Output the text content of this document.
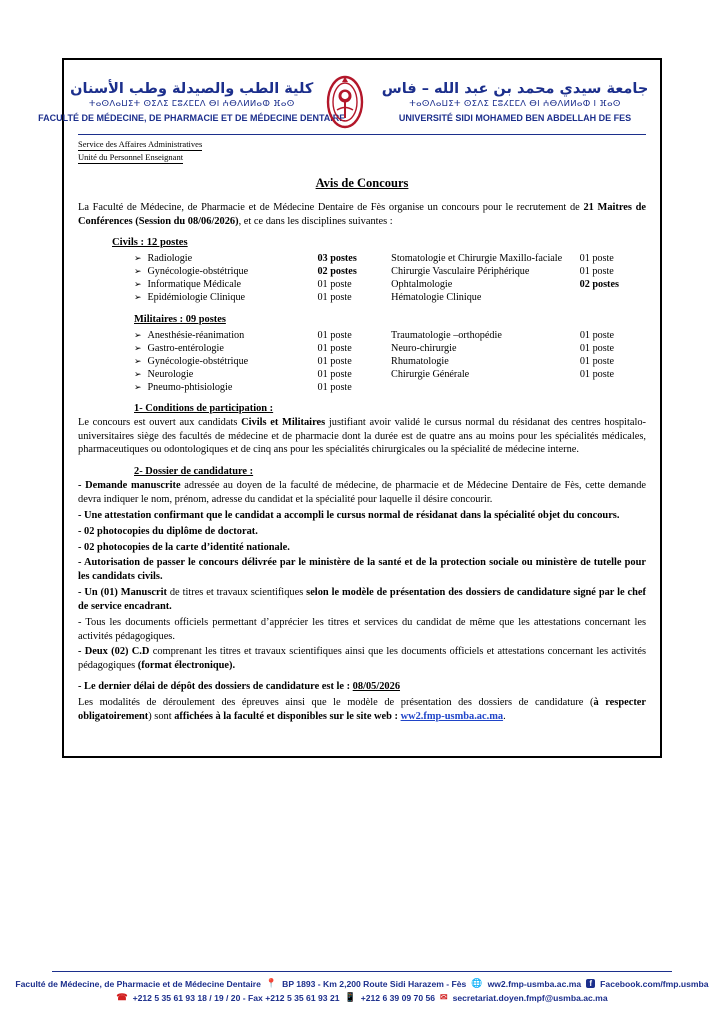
كلية الطب والصيدلة وطب الأسنان
ⵜⴰⵙⴷⴰⵡⵉⵜ ⵙⵉⴷⵉ ⵎⵓⵃⵎⵎⴷ ⴱⵏ ⵄⴱⴷⵍⵍⴰⵀ ⴼⴰⵙ
FACULTÉ DE MÉDECINE, DE PHARMACIE ET DE MÉDECINE DENTAIRE
جامعة سيدي محمد بن عبد الله – فاس
ⵜⴰⵙⴷⴰⵡⵉⵜ ⵙⵉⴷⵉ ⵎⵓⵃⵎⵎⴷ ⴱⵏ ⵄⴱⴷⵍⵍⴰⵀ ⵏ ⴼⴰⵙ
UNIVERSITÉ SIDI MOHAMED BEN ABDELLAH DE FES
Service des Affaires Administratives
Unité du Personnel Enseignant
Avis de Concours

La Faculté de Médecine, de Pharmacie et de Médecine Dentaire de Fès organise un concours pour le recrutement de 21 Maitres de Conférences (Session du 08/06/2026), et ce dans les disciplines suivantes :

Civils : 12 postes
➢	Radiologie	03 postes	Stomatologie et Chirurgie Maxillo-faciale	01 poste
➢	Gynécologie-obstétrique	02 postes	Chirurgie Vasculaire Périphérique	01 poste
➢	Informatique Médicale	01 poste	Ophtalmologie	02 postes
➢	Epidémiologie Clinique	01 poste	Hématologie Clinique	
Militaires : 09 postes
➢	Anesthésie-réanimation	01 poste	Traumatologie –orthopédie	01 poste
➢	Gastro-entérologie	01 poste	Neuro-chirurgie	01 poste
➢	Gynécologie-obstétrique	01 poste	Rhumatologie	01 poste
➢	Neurologie	01 poste	Chirurgie Générale	01 poste
➢	Pneumo-phtisiologie	01 poste		
1- Conditions de participation :

Le concours est ouvert aux candidats Civils et Militaires justifiant avoir validé le cursus normal du résidanat des centres hospitalo-universitaires siège des facultés de médecine et de pharmacie dont la durée est de quatre ans au moins pour les spécialités médicales, pharmaceutiques ou odontologiques et de cinq ans pour les spécialités chirurgicales ou la spécialité de médecine interne.

2- Dossier de candidature :

- Demande manuscrite adressée au doyen de la faculté de médecine, de pharmacie et de Médecine Dentaire de Fès, cette demande devra indiquer le nom, prénom, adresse du candidat et la spécialité pour laquelle il désire concourir.

- Une attestation confirmant que le candidat a accompli le cursus normal de résidanat dans la spécialité objet du concours.

- 02 photocopies du diplôme de doctorat.

- 02 photocopies de la carte d’identité nationale.

- Autorisation de passer le concours délivrée par le ministère de la santé et de la protection sociale ou ministère de tutelle pour les candidats civils.

- Un (01) Manuscrit de titres et travaux scientifiques selon le modèle de présentation des dossiers de candidature signé par le chef de service encadrant.

- Tous les documents officiels permettant d’apprécier les titres et services du candidat de même que les attestations concernant les activités pédagogiques.

- Deux (02) C.D comprenant les titres et travaux scientifiques ainsi que les documents officiels et attestations concernant les activités pédagogiques (format électronique).

- Le dernier délai de dépôt des dossiers de candidature est le : 08/05/2026

Les modalités de déroulement des épreuves ainsi que le modèle de présentation des dossiers de candidature (à respecter obligatoirement) sont affichées à la faculté et disponibles sur le site web : ww2.fmp-usmba.ac.ma.

Faculté de Médecine, de Pharmacie et de Médecine Dentaire 📍 BP 1893 - Km 2,200 Route Sidi Harazem - Fès 🌐 ww2.fmp-usmba.ac.ma	f Facebook.com/fmp.usmba
☎ +212 5 35 61 93 18 / 19 / 20 - Fax +212 5 35 61 93 21 📱 +212 6 39 09 70 56 ✉ secretariat.doyen.fmpf@usmba.ac.ma
